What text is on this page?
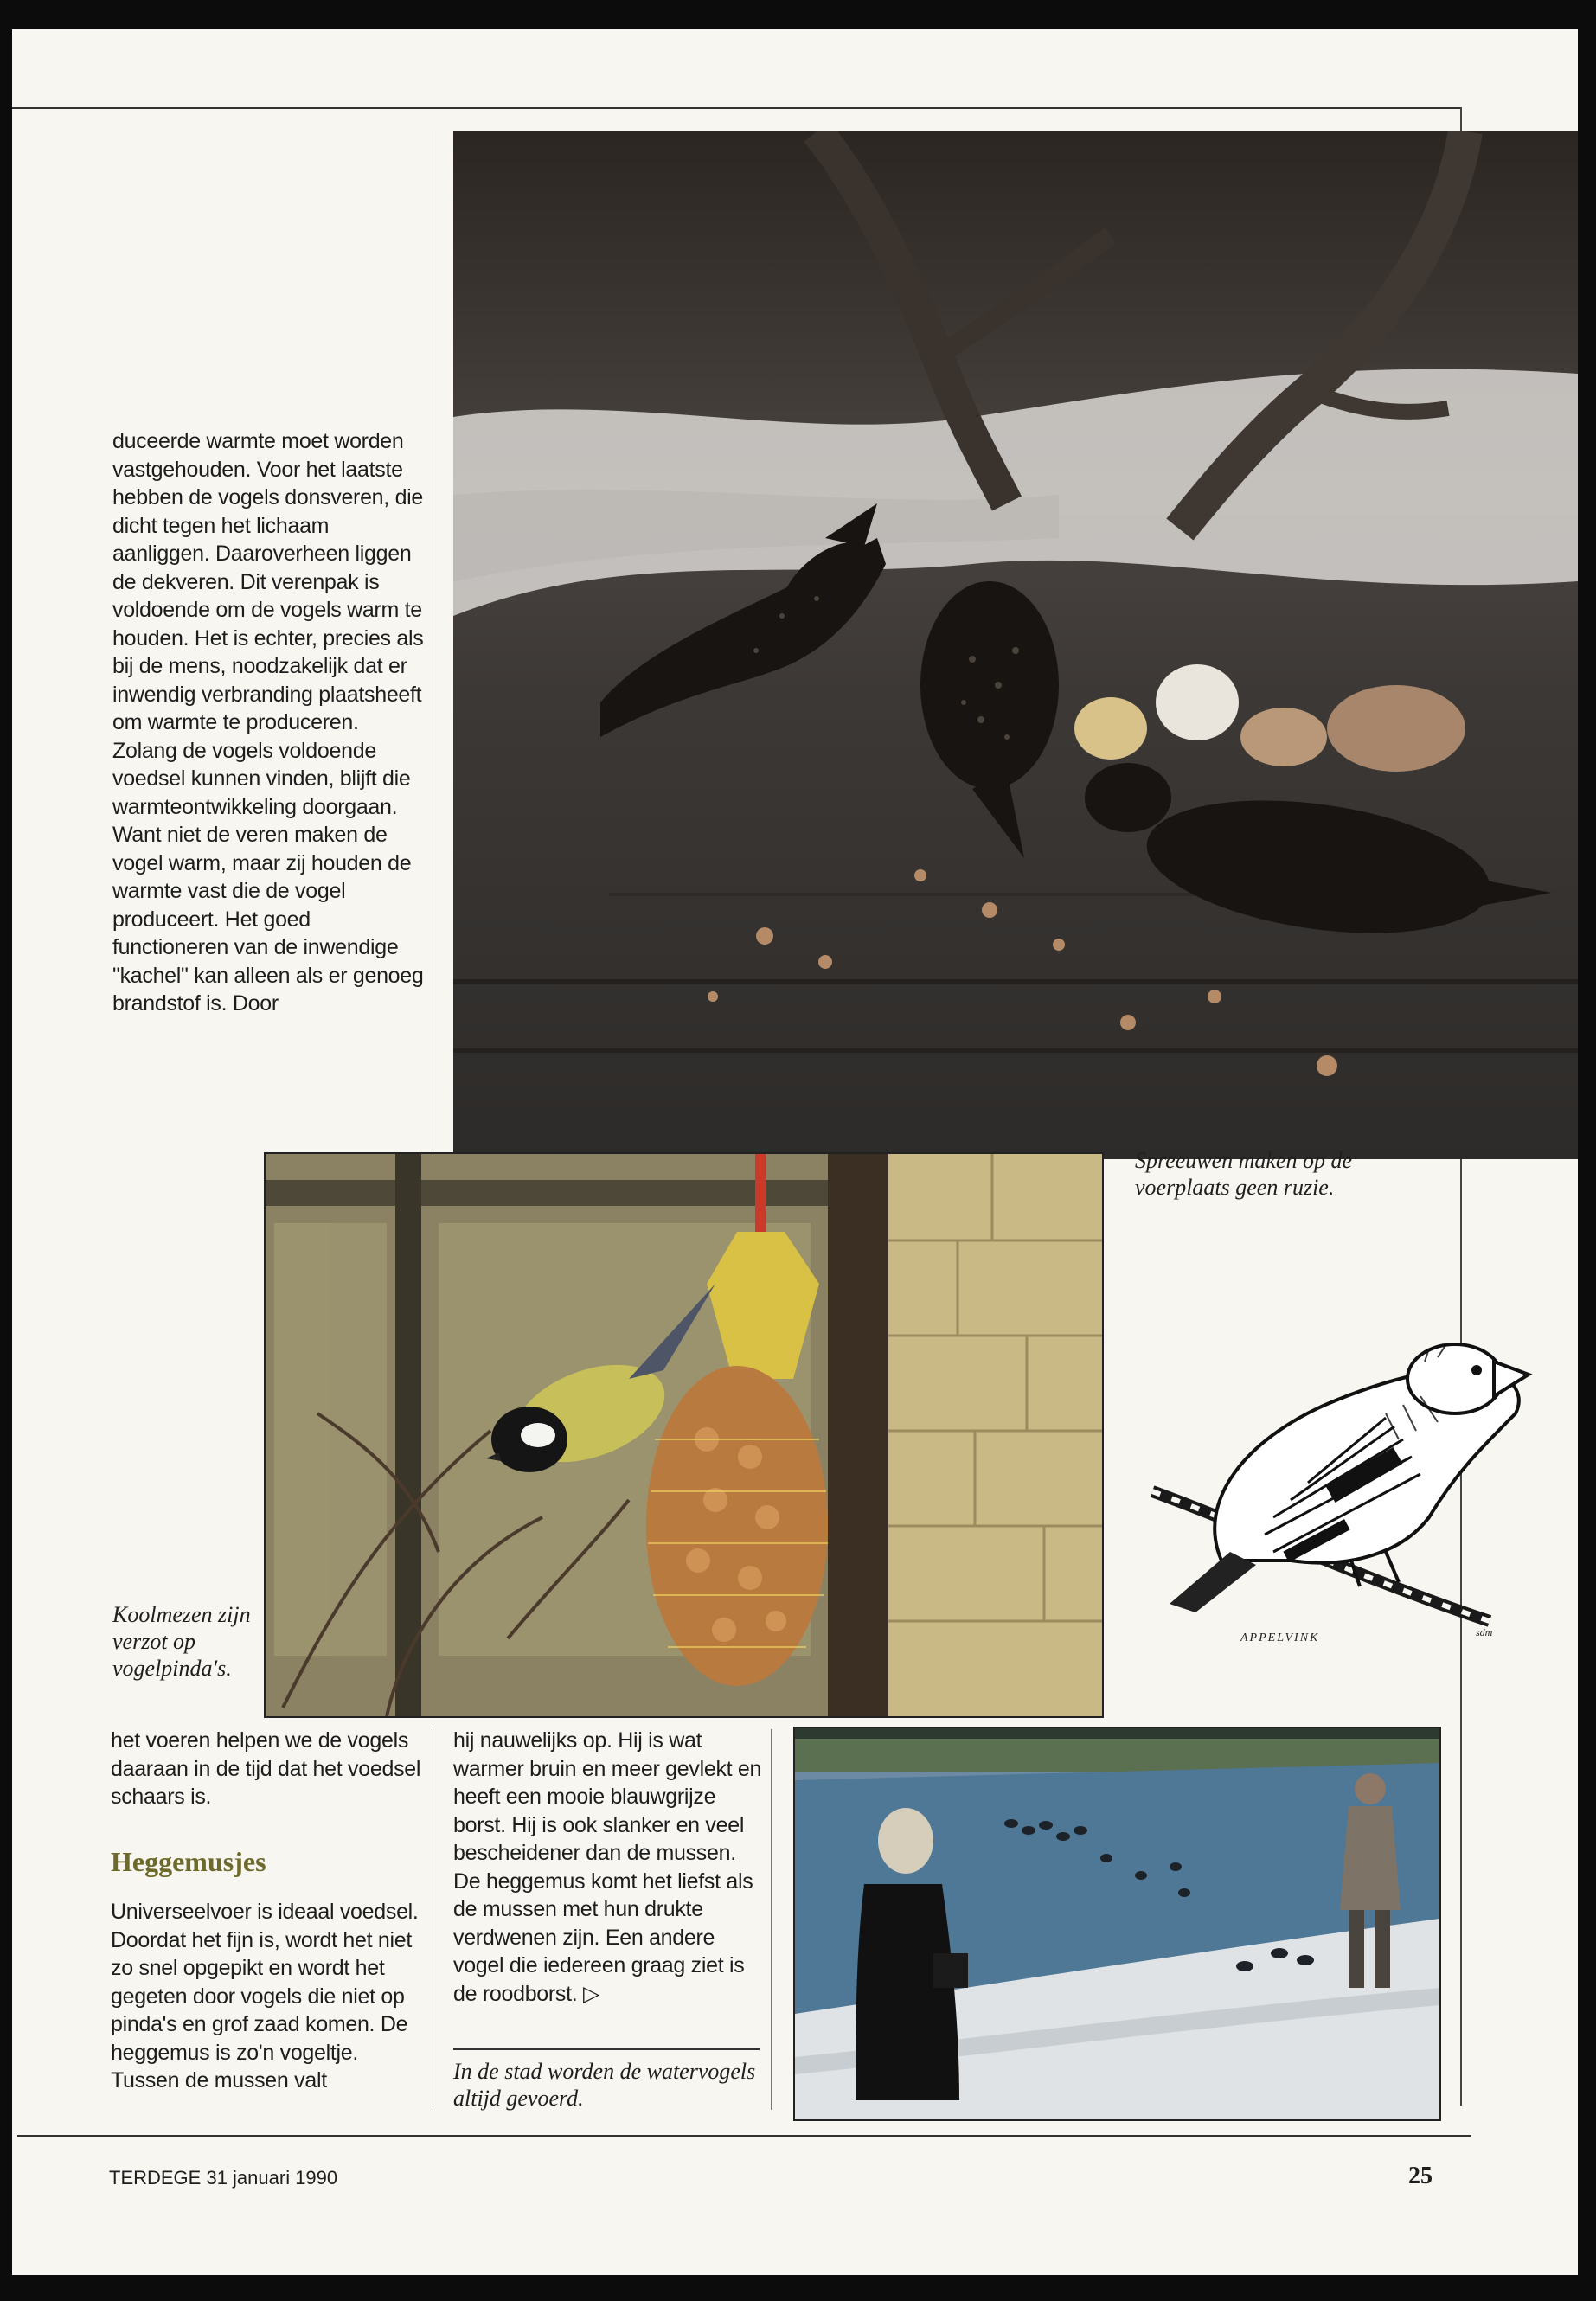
duceerde warmte moet worden vastgehouden. Voor het laatste hebben de vogels donsveren, die dicht tegen het lichaam aanliggen. Daaroverheen liggen de dekveren. Dit verenpak is voldoende om de vogels warm te houden. Het is echter, precies als bij de mens, noodzakelijk dat er inwendig verbranding plaatsheeft om warmte te produceren. Zolang de vogels voldoende voedsel kunnen vinden, blijft die warmteontwikkeling doorgaan. Want niet de veren maken de vogel warm, maar zij houden de warmte vast die de vogel produceert. Het goed functioneren van de inwendige "kachel" kan alleen als er genoeg brandstof is. Door
Spreeuwen maken op de voerplaats geen ruzie.
Koolmezen zijn verzot op vogelpinda's.
APPELVINK	sdm
het voeren helpen we de vogels daaraan in de tijd dat het voedsel schaars is.
Heggemusjes
Universeelvoer is ideaal voedsel. Doordat het fijn is, wordt het niet zo snel opgepikt en wordt het gegeten door vogels die niet op pinda's en grof zaad komen. De heggemus is zo'n vogeltje. Tussen de mussen valt
hij nauwelijks op. Hij is wat warmer bruin en meer gevlekt en heeft een mooie blauwgrijze borst. Hij is ook slanker en veel bescheidener dan de mussen. De heggemus komt het liefst als de mussen met hun drukte verdwenen zijn. Een andere vogel die iedereen graag ziet is de roodborst. ▷
In de stad worden de watervogels altijd gevoerd.
TERDEGE 31 januari 1990	25
